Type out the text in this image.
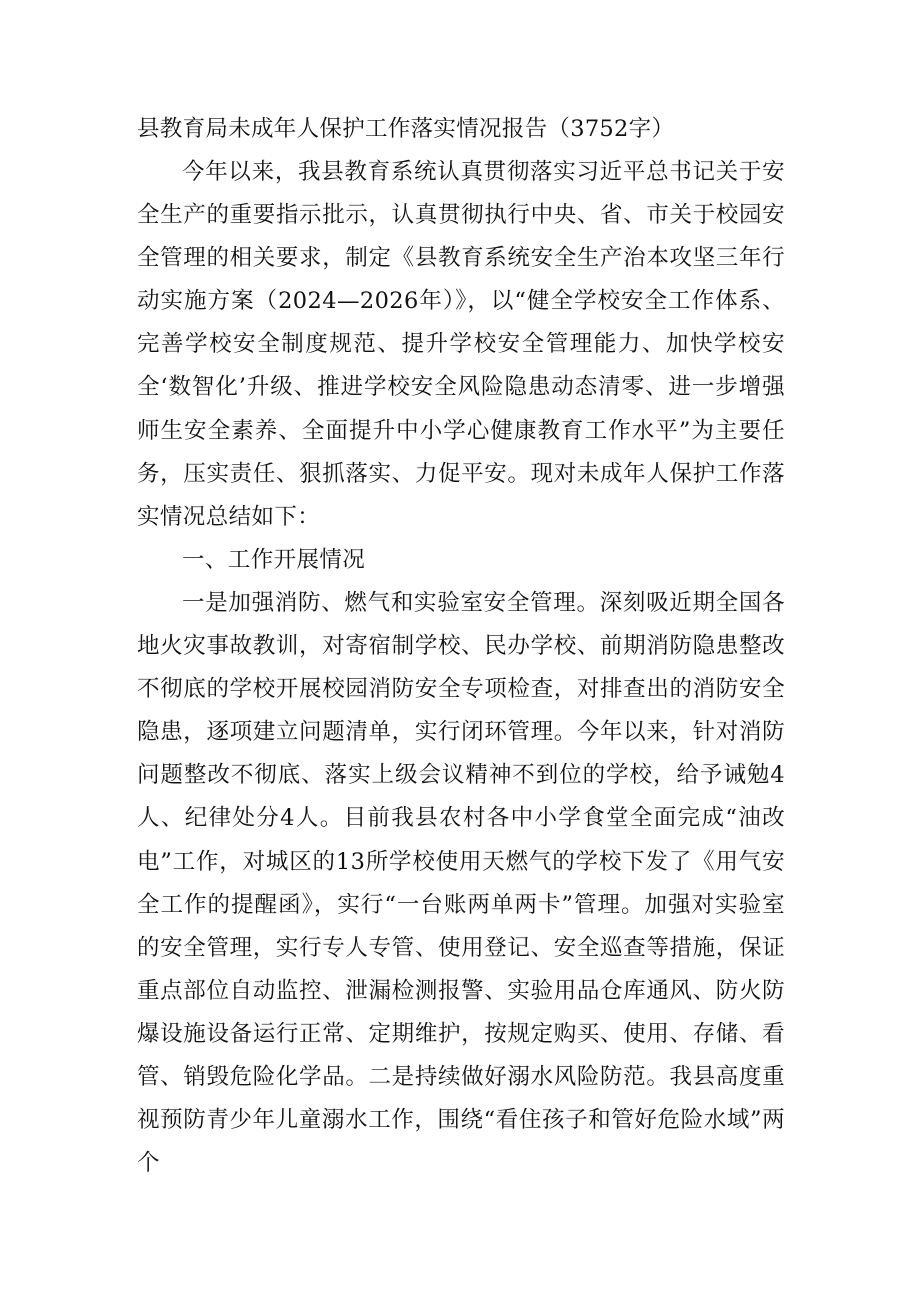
县教育局未成年人保护工作落实情况报告（3752字）

今年以来，我县教育系统认真贯彻落实习近平总书记关于安全生产的重要指示批示，认真贯彻执行中央、省、市关于校园安全管理的相关要求，制定《县教育系统安全生产治本攻坚三年行动实施方案（2024—2026年）》，以“健全学校安全工作体系、完善学校安全制度规范、提升学校安全管理能力、加快学校安全‘数智化’升级、推进学校安全风险隐患动态清零、进一步增强师生安全素养、全面提升中小学心健康教育工作水平”为主要任务，压实责任、狠抓落实、力促平安。现对未成年人保护工作落实情况总结如下：

一、工作开展情况

一是加强消防、燃气和实验室安全管理。深刻吸近期全国各地火灾事故教训，对寄宿制学校、民办学校、前期消防隐患整改不彻底的学校开展校园消防安全专项检查，对排查出的消防安全隐患，逐项建立问题清单，实行闭环管理。今年以来，针对消防问题整改不彻底、落实上级会议精神不到位的学校，给予诫勉4人、纪律处分4人。目前我县农村各中小学食堂全面完成“油改电”工作，对城区的13所学校使用天燃气的学校下发了《用气安全工作的提醒函》，实行“一台账两单两卡”管理。加强对实验室的安全管理，实行专人专管、使用登记、安全巡查等措施，保证重点部位自动监控、泄漏检测报警、实验用品仓库通风、防火防爆设施设备运行正常、定期维护，按规定购买、使用、存储、看管、销毁危险化学品。二是持续做好溺水风险防范。我县高度重视预防青少年儿童溺水工作，围绕“看住孩子和管好危险水域”两个
